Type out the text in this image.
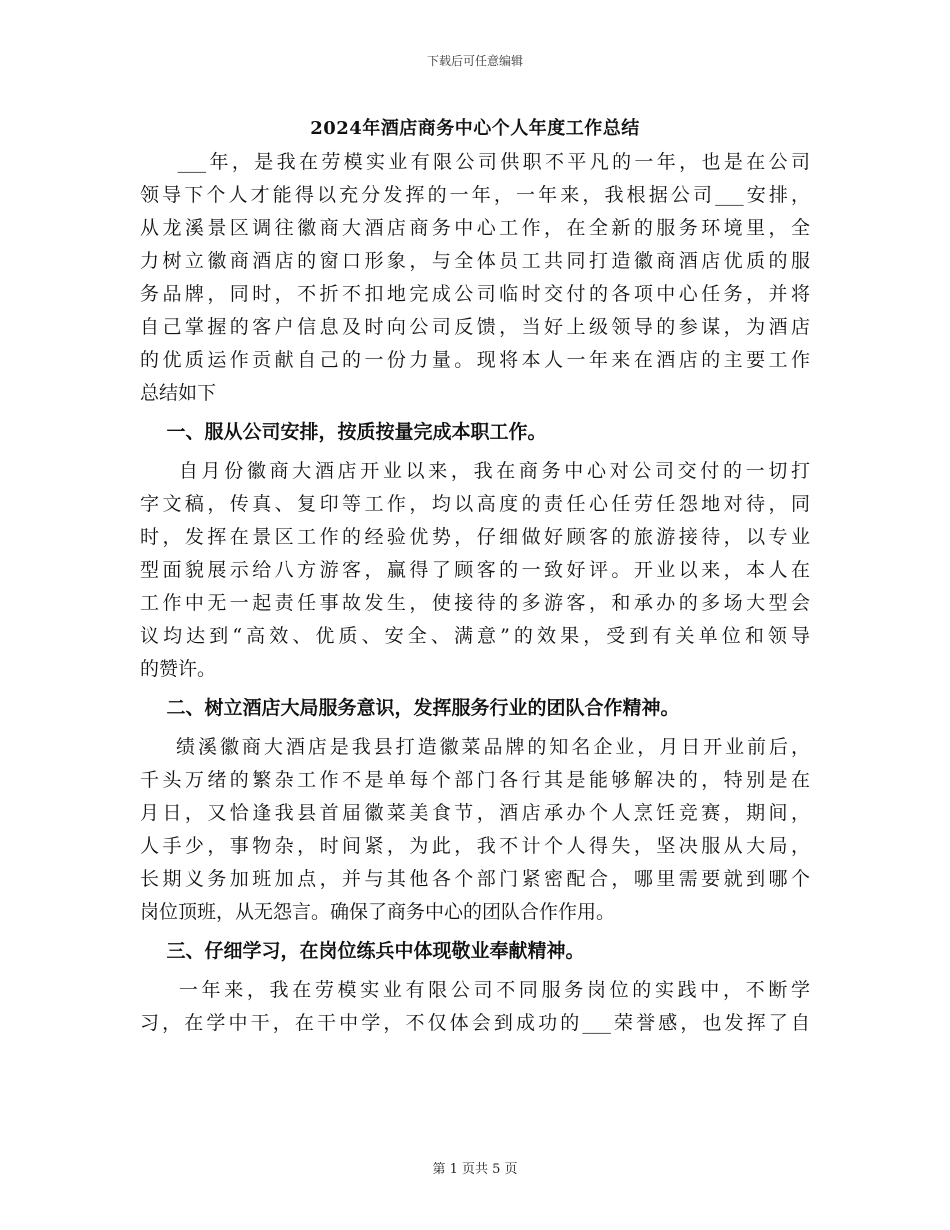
下载后可任意编辑
2024年酒店商务中心个人年度工作总结
___年，是我在劳模实业有限公司供职不平凡的一年，也是在公司
领导下个人才能得以充分发挥的一年，一年来，我根据公司___安排，
从龙溪景区调往徽商大酒店商务中心工作，在全新的服务环境里，全
力树立徽商酒店的窗口形象，与全体员工共同打造徽商酒店优质的服
务品牌，同时，不折不扣地完成公司临时交付的各项中心任务，并将
自己掌握的客户信息及时向公司反馈，当好上级领导的参谋，为酒店
的优质运作贡献自己的一份力量。现将本人一年来在酒店的主要工作
总结如下
一、服从公司安排，按质按量完成本职工作。
自月份徽商大酒店开业以来，我在商务中心对公司交付的一切打
字文稿，传真、复印等工作，均以高度的责任心任劳任怨地对待，同
时，发挥在景区工作的经验优势，仔细做好顾客的旅游接待，以专业
型面貌展示给八方游客，赢得了顾客的一致好评。开业以来，本人在
工作中无一起责任事故发生，使接待的多游客，和承办的多场大型会
议均达到“高效、优质、安全、满意”的效果，受到有关单位和领导
的赞许。
二、树立酒店大局服务意识，发挥服务行业的团队合作精神。
绩溪徽商大酒店是我县打造徽菜品牌的知名企业，月日开业前后，
千头万绪的繁杂工作不是单每个部门各行其是能够解决的，特别是在
月日，又恰逢我县首届徽菜美食节，酒店承办个人烹饪竞赛，期间，
人手少，事物杂，时间紧，为此，我不计个人得失，坚决服从大局，
长期义务加班加点，并与其他各个部门紧密配合，哪里需要就到哪个
岗位顶班，从无怨言。确保了商务中心的团队合作作用。
三、仔细学习，在岗位练兵中体现敬业奉献精神。
一年来，我在劳模实业有限公司不同服务岗位的实践中，不断学
习，在学中干，在干中学，不仅体会到成功的___荣誉感，也发挥了自
第 1 页共 5 页
